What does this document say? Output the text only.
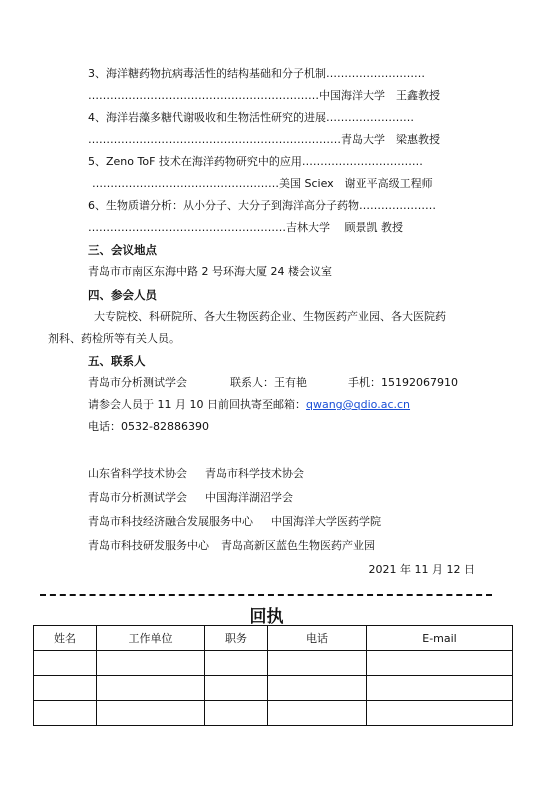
3、海洋糖药物抗病毒活性的结构基础和分子机制………………………
………………………………………………………中国海洋大学　王鑫教授
4、海洋岩藻多糖代谢吸收和生物活性研究的进展……………………
……………………………………………………………青岛大学　梁惠教授
5、Zeno ToF 技术在海洋药物研究中的应用……………………………
……………………………………………美国 Sciex　谢亚平高级工程师
6、生物质谱分析：从小分子、大分子到海洋高分子药物…………………
………………………………………………吉林大学　 顾景凯 教授
三、会议地点
青岛市市南区东海中路 2 号环海大厦 24 楼会议室
四、参会人员
大专院校、科研院所、各大生物医药企业、生物医药产业园、各大医院药
剂科、药检所等有关人员。
五、联系人
青岛市分析测试学会	联系人：王有艳	手机：15192067910
请参会人员于 11 月 10 日前回执寄至邮箱：qwang@qdio.ac.cn
电话：0532-82886390
山东省科学技术协会 青岛市科学技术协会
青岛市分析测试学会 中国海洋湖沼学会
青岛市科技经济融合发展服务中心 中国海洋大学医药学院
青岛市科技研发服务中心 青岛高新区蓝色生物医药产业园
2021 年 11 月 12 日
回执
姓名	工作单位	职务	电话	E-mail
